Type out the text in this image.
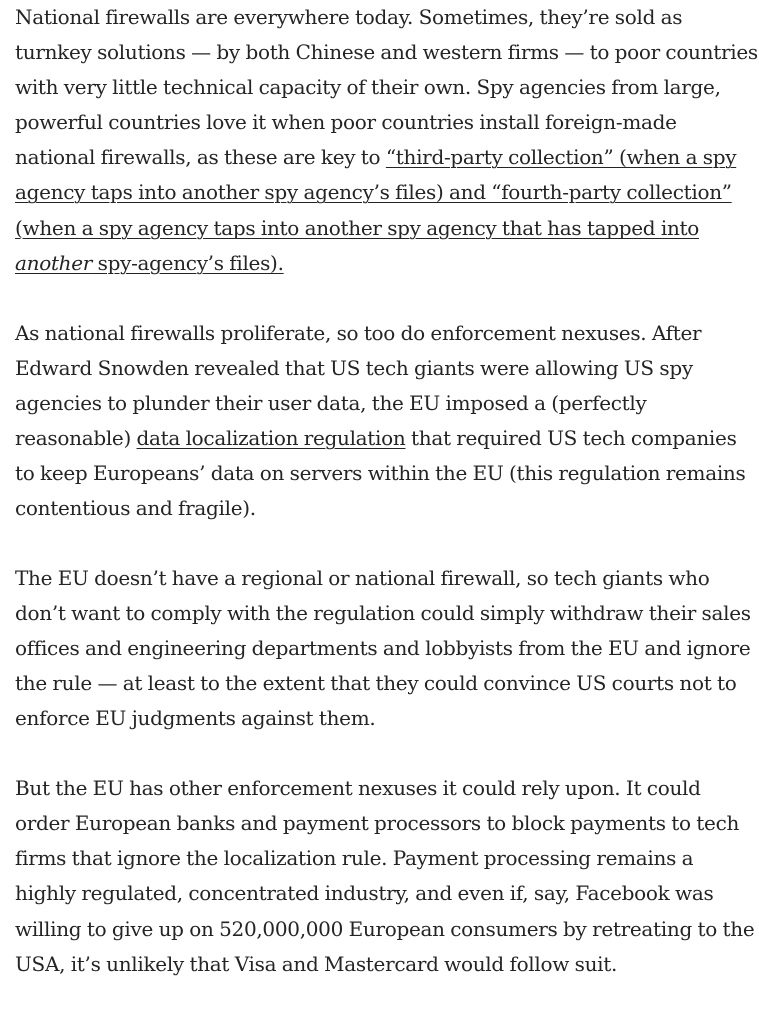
National firewalls are everywhere today. Sometimes, they’re sold as turnkey solutions — by both Chinese and western firms — to poor countries with very little technical capacity of their own. Spy agencies from large, powerful countries love it when poor countries install foreign-made national firewalls, as these are key to “third-party collection” (when a spy agency taps into another spy agency’s files) and “fourth-party collection” (when a spy agency taps into another spy agency that has tapped into another spy-agency’s files).

As national firewalls proliferate, so too do enforcement nexuses. After Edward Snowden revealed that US tech giants were allowing US spy agencies to plunder their user data, the EU imposed a (perfectly reasonable) data localization regulation that required US tech companies to keep Europeans’ data on servers within the EU (this regulation remains contentious and fragile).

The EU doesn’t have a regional or national firewall, so tech giants who don’t want to comply with the regulation could simply withdraw their sales offices and engineering departments and lobbyists from the EU and ignore the rule — at least to the extent that they could convince US courts not to enforce EU judgments against them.

But the EU has other enforcement nexuses it could rely upon. It could order European banks and payment processors to block payments to tech firms that ignore the localization rule. Payment processing remains a highly regulated, concentrated industry, and even if, say, Facebook was willing to give up on 520,000,000 European consumers by retreating to the USA, it’s unlikely that Visa and Mastercard would follow suit.
